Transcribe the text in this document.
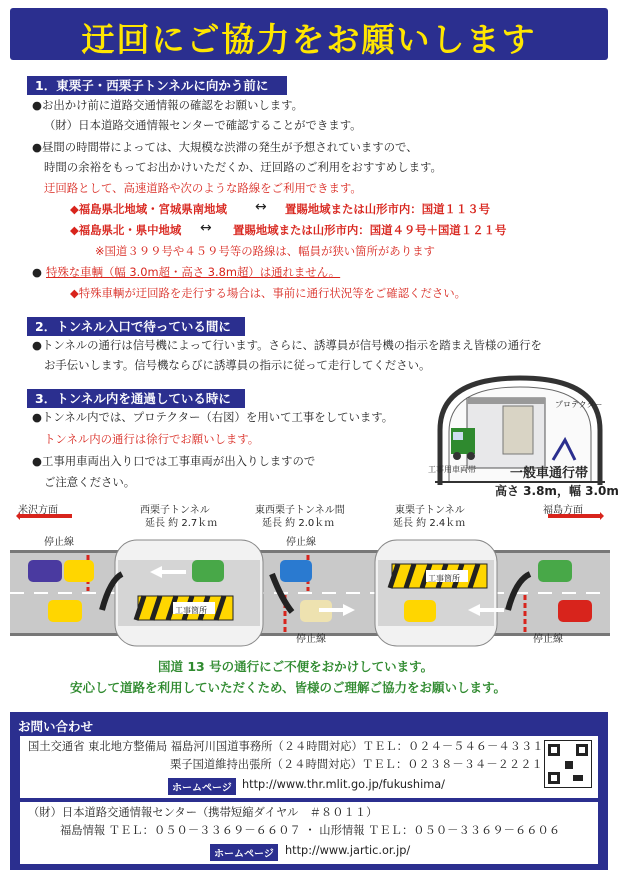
迂回にご協力をお願いします
1．東栗子・西栗子トンネルに向かう前に
●お出かけ前に道路交通情報の確認をお願いします。
（財）日本道路交通情報センターで確認することができます。
●昼間の時間帯によっては、大規模な渋滞の発生が予想されていますので、
時間の余裕をもってお出かけいただくか、迂回路のご利用をおすすめします。
迂回路として、高速道路や次のような路線をご利用できます。
◆福島県北地域・宮城県南地域 ↔ 置賜地域または山形市内：国道１１３号
◆福島県北・県中地域 ↔ 置賜地域または山形市内：国道４９号＋国道１２１号
※国道３９９号や４５９号等の路線は、幅員が狭い箇所があります
● 特殊な車輌（幅 3.0m超・高さ 3.8m超）は通れません。
◆特殊車輌が迂回路を走行する場合は、事前に通行状況等をご確認ください。
2．トンネル入口で待っている間に
●トンネルの通行は信号機によって行います。さらに、誘導員が信号機の指示を踏まえ皆様の通行を
お手伝いします。信号機ならびに誘導員の指示に従って走行してください。
3．トンネル内を通過している時に
●トンネル内では、プロテクター（右図）を用いて工事をしています。
トンネル内の通行は徐行でお願いします。
●工事用車両出入り口では工事車両が出入りしますので
ご注意ください。
プロテクター
工事用車両帯	一般車通行帯
高さ 3.8m，幅 3.0m
米沢方面	福島方面
西栗子トンネル
延長 約 2.7ｋｍ
東西栗子トンネル間
延長 約 2.0ｋｍ
東栗子トンネル
延長 約 2.4ｋｍ
停止線	停止線
停止線	停止線
工事箇所
工事箇所
国道 13 号の通行にご不便をおかけしています。
安心して道路を利用していただくため、皆様のご理解ご協力をお願いします。
お問い合わせ
国土交通省 東北地方整備局 福島河川国道事務所（２４時間対応）ＴＥＬ：０２４－５４６－４３３１
栗子国道維持出張所（２４時間対応）ＴＥＬ：０２３８－３４－２２２１
ホームページ http://www.thr.mlit.go.jp/fukushima/
（財）日本道路交通情報センター（携帯短縮ダイヤル　＃８０１１）
福島情報 ＴＥＬ：０５０－３３６９－６６０７ ・ 山形情報 ＴＥＬ：０５０－３３６９－６６０６
ホームページ http://www.jartic.or.jp/
